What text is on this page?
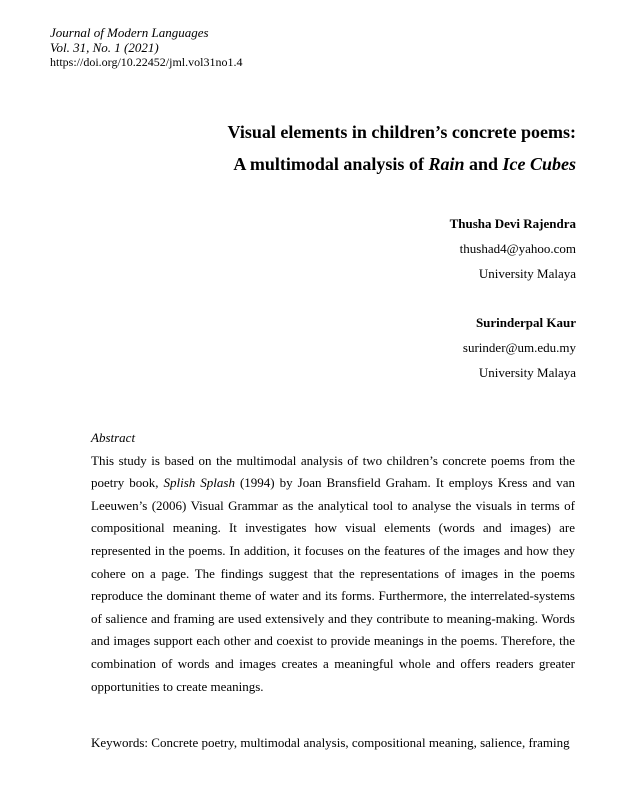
Journal of Modern Languages
Vol. 31, No. 1 (2021)
https://doi.org/10.22452/jml.vol31no1.4
Visual elements in children’s concrete poems:
A multimodal analysis of Rain and Ice Cubes
Thusha Devi Rajendra
thushad4@yahoo.com
University Malaya
Surinderpal Kaur
surinder@um.edu.my
University Malaya
Abstract

This study is based on the multimodal analysis of two children’s concrete poems from the poetry book, Splish Splash (1994) by Joan Bransfield Graham. It employs Kress and van Leeuwen’s (2006) Visual Grammar as the analytical tool to analyse the visuals in terms of compositional meaning. It investigates how visual elements (words and images) are represented in the poems. In addition, it focuses on the features of the images and how they cohere on a page. The findings suggest that the representations of images in the poems reproduce the dominant theme of water and its forms. Furthermore, the interrelated-systems of salience and framing are used extensively and they contribute to meaning-making. Words and images support each other and coexist to provide meanings in the poems. Therefore, the combination of words and images creates a meaningful whole and offers readers greater opportunities to create meanings.

Keywords: Concrete poetry, multimodal analysis, compositional meaning, salience, framing
